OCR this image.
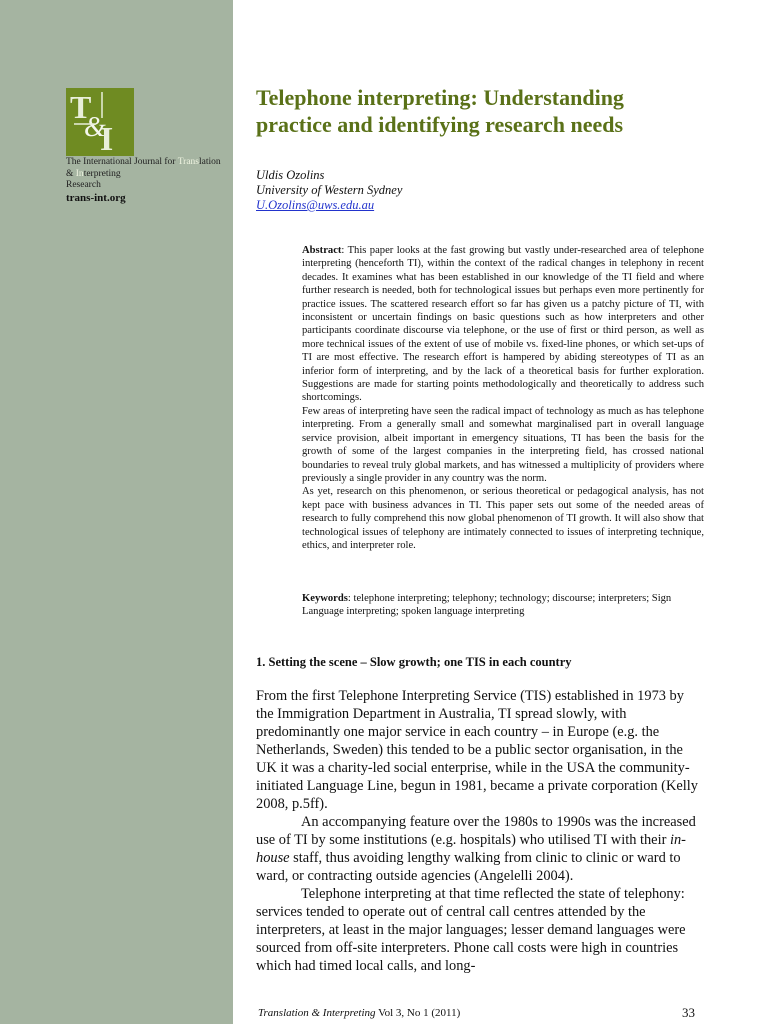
T
I
&
The International Journal for Translation & Interpreting
Research
trans-int.org
Telephone interpreting: Understanding
practice and identifying research needs
Uldis Ozolins
University of Western Sydney
U.Ozolins@uws.edu.au

Abstract: This paper looks at the fast growing but vastly under-researched area of telephone interpreting (henceforth TI), within the context of the radical changes in telephony in recent decades. It examines what has been established in our knowledge of the TI field and where further research is needed, both for technological issues but perhaps even more pertinently for practice issues. The scattered research effort so far has given us a patchy picture of TI, with inconsistent or uncertain findings on basic questions such as how interpreters and other participants coordinate discourse via telephone, or the use of first or third person, as well as more technical issues of the extent of use of mobile vs. fixed-line phones, or which set-ups of TI are most effective. The research effort is hampered by abiding stereotypes of TI as an inferior form of interpreting, and by the lack of a theoretical basis for further exploration. Suggestions are made for starting points methodologically and theoretically to address such shortcomings.

Few areas of interpreting have seen the radical impact of technology as much as has telephone interpreting. From a generally small and somewhat marginalised part in overall language service provision, albeit important in emergency situations, TI has been the basis for the growth of some of the largest companies in the interpreting field, has crossed national boundaries to reveal truly global markets, and has witnessed a multiplicity of providers where previously a single provider in any country was the norm.

As yet, research on this phenomenon, or serious theoretical or pedagogical analysis, has not kept pace with business advances in TI. This paper sets out some of the needed areas of research to fully comprehend this now global phenomenon of TI growth. It will also show that technological issues of telephony are intimately connected to issues of interpreting technique, ethics, and interpreter role.

Keywords: telephone interpreting; telephony; technology; discourse; interpreters; Sign Language interpreting; spoken language interpreting
1. Setting the scene – Slow growth; one TIS in each country

From the first Telephone Interpreting Service (TIS) established in 1973 by the Immigration Department in Australia, TI spread slowly, with predominantly one major service in each country – in Europe (e.g. the Netherlands, Sweden) this tended to be a public sector organisation, in the UK it was a charity-led social enterprise, while in the USA the community-initiated Language Line, begun in 1981, became a private corporation (Kelly 2008, p.5ff).

An accompanying feature over the 1980s to 1990s was the increased use of TI by some institutions (e.g. hospitals) who utilised TI with their in-house staff, thus avoiding lengthy walking from clinic to clinic or ward to ward, or contracting outside agencies (Angelelli 2004).

Telephone interpreting at that time reflected the state of telephony: services tended to operate out of central call centres attended by the interpreters, at least in the major languages; lesser demand languages were sourced from off-site interpreters. Phone call costs were high in countries which had timed local calls, and long-

Translation & Interpreting Vol 3, No 1 (2011)	33
